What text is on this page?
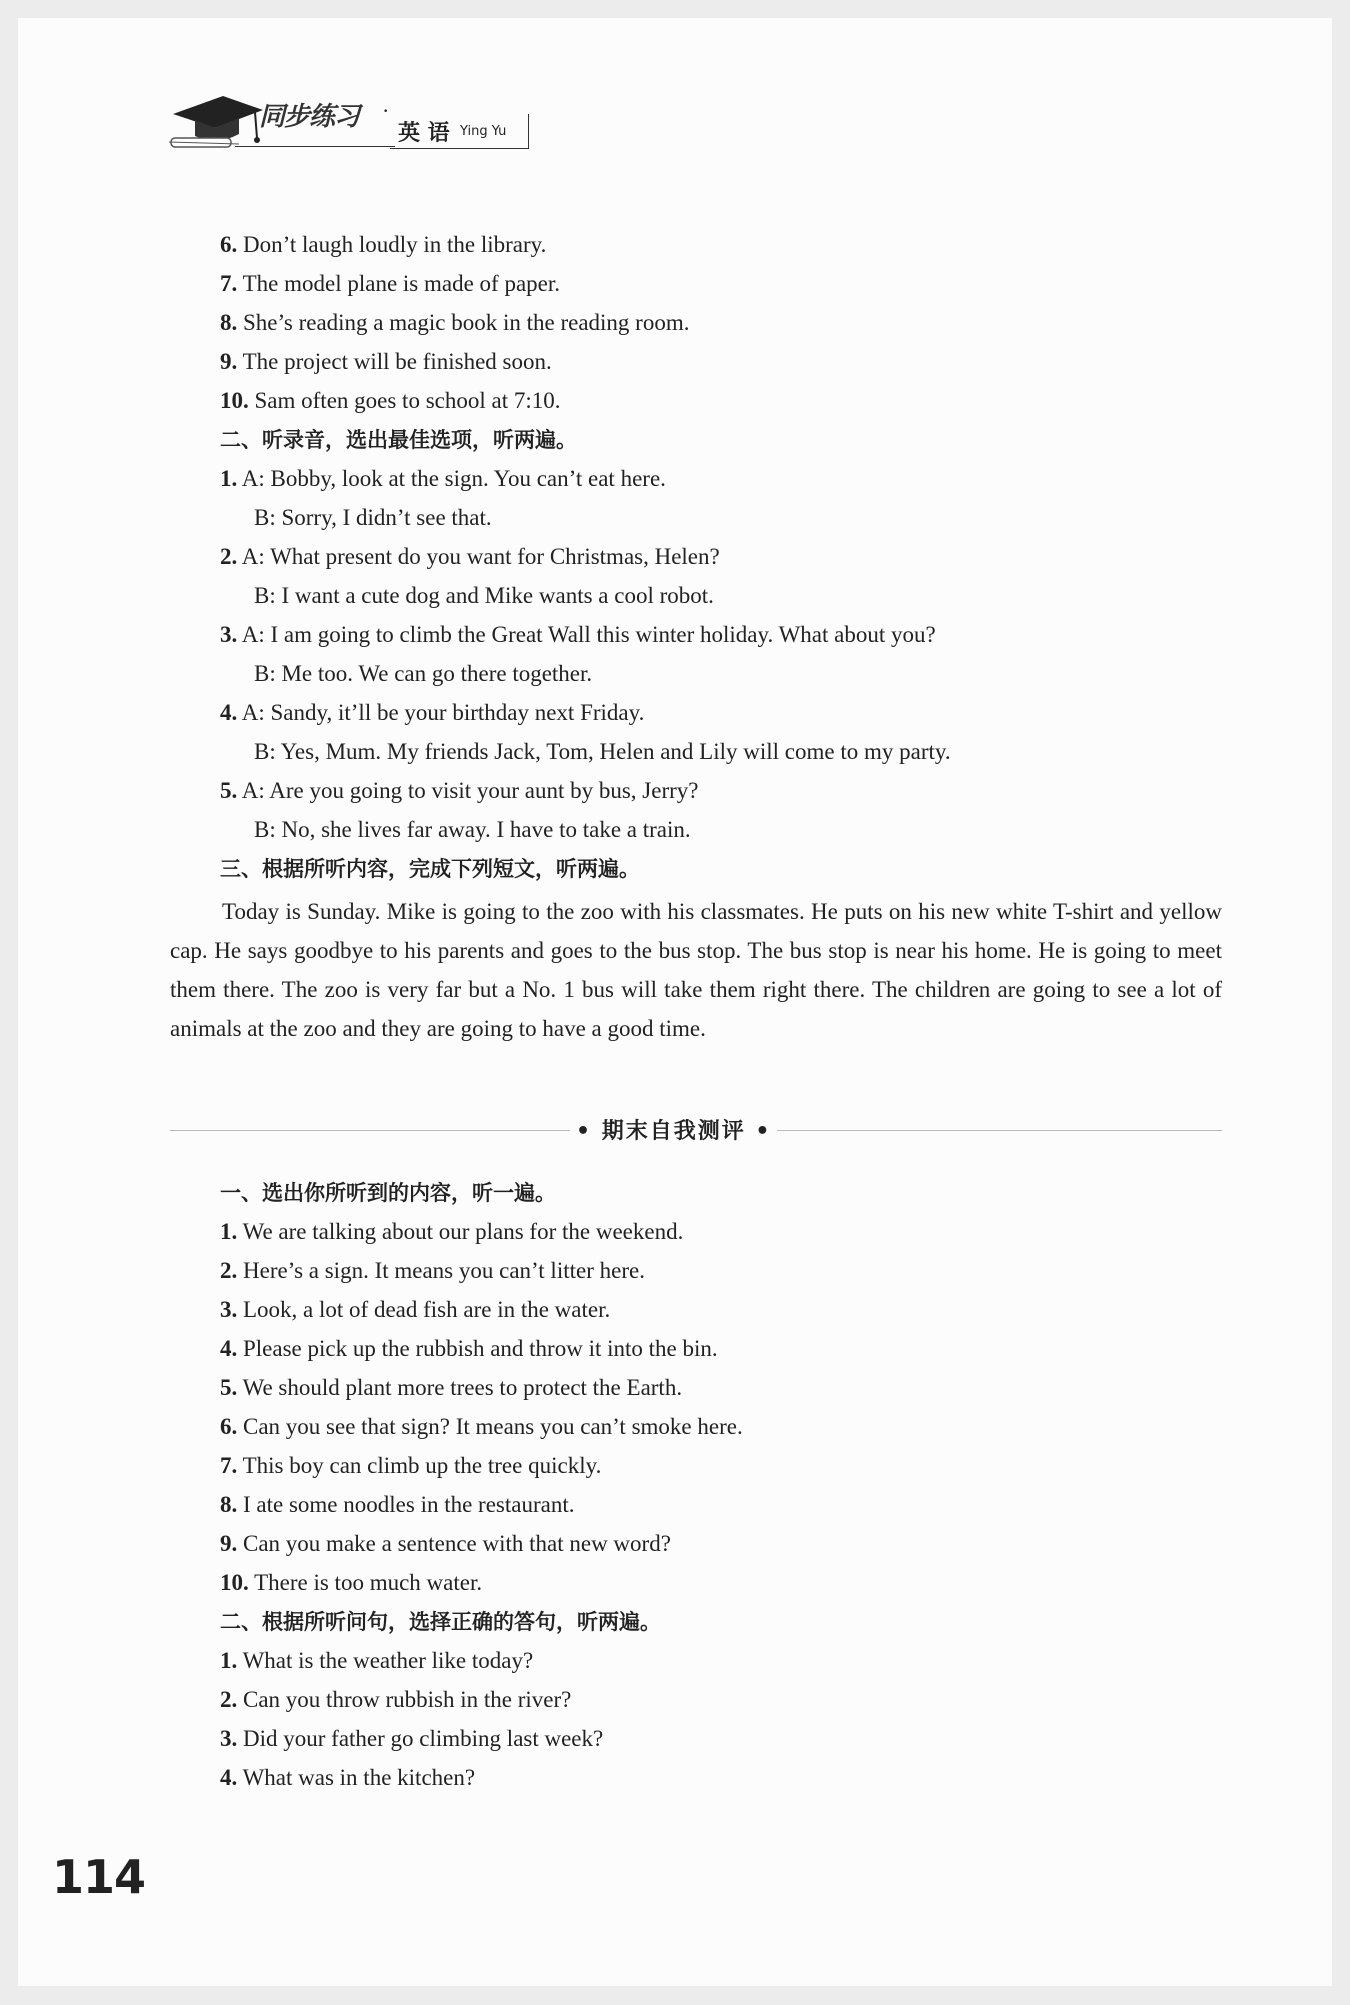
同步练习 ·
英 语 Ying Yu
6. Don’t laugh loudly in the library.
7. The model plane is made of paper.
8. She’s reading a magic book in the reading room.
9. The project will be finished soon.
10. Sam often goes to school at 7:10.
二、听录音，选出最佳选项，听两遍。
1. A: Bobby, look at the sign. You can’t eat here.
B: Sorry, I didn’t see that.
2. A: What present do you want for Christmas, Helen?
B: I want a cute dog and Mike wants a cool robot.
3. A: I am going to climb the Great Wall this winter holiday. What about you?
B: Me too. We can go there together.
4. A: Sandy, it’ll be your birthday next Friday.
B: Yes, Mum. My friends Jack, Tom, Helen and Lily will come to my party.
5. A: Are you going to visit your aunt by bus, Jerry?
B: No, she lives far away. I have to take a train.
三、根据所听内容，完成下列短文，听两遍。
Today is Sunday. Mike is going to the zoo with his classmates. He puts on his new white T-shirt and yellow cap. He says goodbye to his parents and goes to the bus stop. The bus stop is near his home. He is going to meet them there. The zoo is very far but a No. 1 bus will take them right there. The children are going to see a lot of animals at the zoo and they are going to have a good time.
• 期末自我测评 •
一、选出你所听到的内容，听一遍。
1. We are talking about our plans for the weekend.
2. Here’s a sign. It means you can’t litter here.
3. Look, a lot of dead fish are in the water.
4. Please pick up the rubbish and throw it into the bin.
5. We should plant more trees to protect the Earth.
6. Can you see that sign? It means you can’t smoke here.
7. This boy can climb up the tree quickly.
8. I ate some noodles in the restaurant.
9. Can you make a sentence with that new word?
10. There is too much water.
二、根据所听问句，选择正确的答句，听两遍。
1. What is the weather like today?
2. Can you throw rubbish in the river?
3. Did your father go climbing last week?
4. What was in the kitchen?
114
